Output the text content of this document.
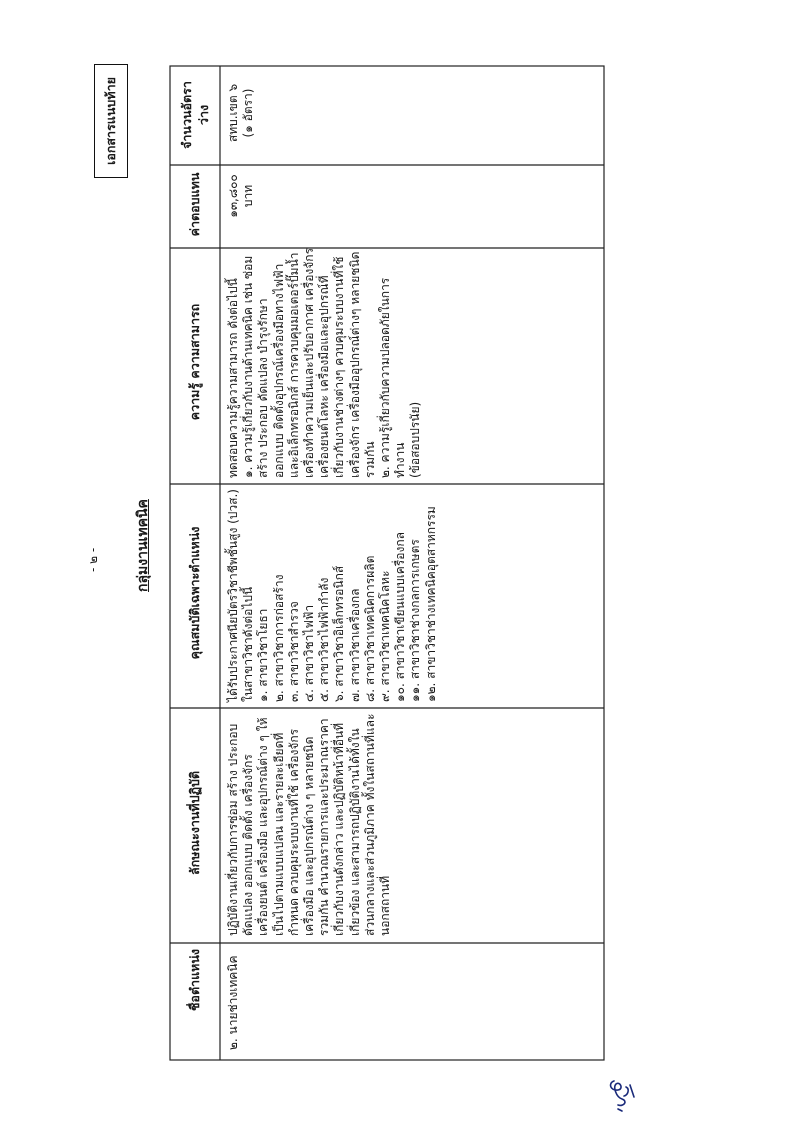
- ๒ -	กลุ่มงานเทคนิค
เอกสารแนบท้าย
ชื่อตำแหน่ง
ลักษณะงานที่ปฏิบัติ
คุณสมบัติเฉพาะตำแหน่ง
ความรู้ ความสามารถ
ค่าตอบแทน
จำนวนอัตรา
ว่าง
๒. นายช่างเทคนิค
ปฏิบัติงานเกี่ยวกับการซ่อม สร้าง ประกอบ
ดัดแปลง ออกแบบ ติดตั้ง เครื่องจักร
เครื่องยนต์ เครื่องมือ และอุปกรณ์ต่าง ๆ ให้
เป็นไปตามแบบแปลน และรายละเอียดที่
กำหนด ควบคุมระบบงานที่ใช้ เครื่องจักร
เครื่องมือ และอุปกรณ์ต่าง ๆ หลายชนิด
รวมกัน คำนวณรายการและประมาณราคา
เกี่ยวกับงานดังกล่าว และปฏิบัติหน้าที่อื่นที่
เกี่ยวข้อง และสามารถปฏิบัติงานได้ทั้งใน
ส่วนกลางและส่วนภูมิภาค ทั้งในสถานที่และ
นอกสถานที่
ได้รับประกาศนียบัตรวิชาชีพชั้นสูง (ปวส.)
ในสาขาวิชาดังต่อไปนี้
๑. สาขาวิชาโยธา
๒. สาขาวิชาการก่อสร้าง
๓. สาขาวิชาสำรวจ
๔. สาขาวิชาไฟฟ้า
๕. สาขาวิชาไฟฟ้ากำลัง
๖. สาขาวิชาอิเล็กทรอนิกส์
๗. สาขาวิชาเครื่องกล
๘. สาขาวิชาเทคนิคการผลิต
๙. สาขาวิชาเทคนิคโลหะ
๑๐. สาขาวิชาเขียนแบบเครื่องกล
๑๑. สาขาวิชาช่างกลการเกษตร
๑๒. สาขาวิชาช่างเทคนิคอุตสาหกรรม
ทดสอบความรู้ความสามารถ ดังต่อไปนี้
๑. ความรู้เกี่ยวกับงานด้านเทคนิค เช่น ซ่อม
สร้าง ประกอบ ดัดแปลง บำรุงรักษา
ออกแบบ ติดตั้งอุปกรณ์เครื่องมือทางไฟฟ้า
และอิเล็กทรอนิกส์ การควบคุมมอเตอร์ปั๊มน้ำ
เครื่องทำความเย็นและปรับอากาศ เครื่องจักร
เครื่องยนต์โลหะ เครื่องมือและอุปกรณ์ที่
เกี่ยวกับงานช่างต่างๆ ควบคุมระบบงานที่ใช้
เครื่องจักร เครื่องมืออุปกรณ์ต่างๆ หลายชนิด
รวมกัน
๒. ความรู้เกี่ยวกับความปลอดภัยในการทำงาน
(ข้อสอบปรนัย)
๑๓,๘๐๐
บาท
สทบ.เขต ๖
(๑ อัตรา)
